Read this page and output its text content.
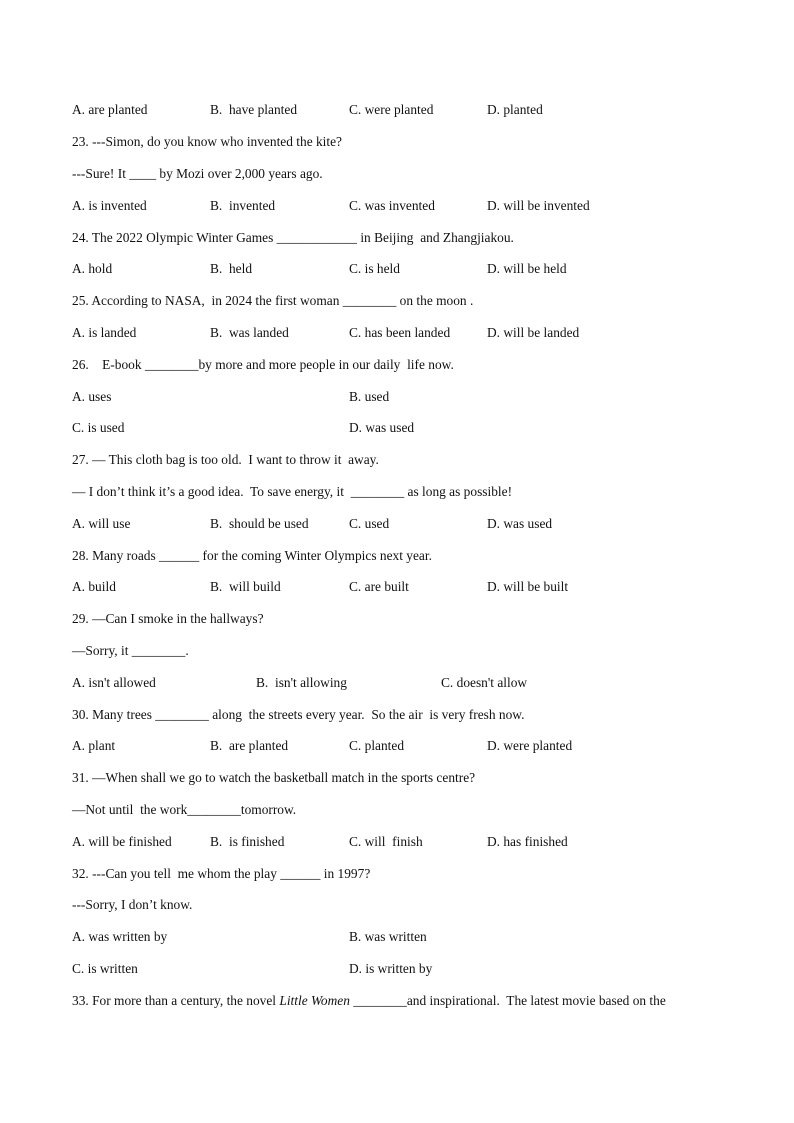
A. are planted	B.  have planted	C. were planted	D. planted
23. ---Simon, do you know who invented the kite?
---Sure! It ____ by Mozi over 2,000 years ago.
A. is invented	B.  invented	C. was invented	D. will be invented
24. The 2022 Olympic Winter Games ____________ in Beijing  and Zhangjiakou.
A. hold	B.  held	C. is held	D. will be held
25. According to NASA,  in 2024 the first woman ________ on the moon .
A. is landed	B.  was landed	C. has been landed	D. will be landed
26.    E-book ________by more and more people in our daily  life now.
A. uses	B. used
C. is used	D. was used
27. — This cloth bag is too old.  I want to throw it  away.
— I don’t think it’s a good idea.  To save energy, it  ________ as long as possible!
A. will use	B.  should be used	C. used	D. was used
28. Many roads ______ for the coming Winter Olympics next year.
A. build	B.  will build	C. are built	D. will be built
29. —Can I smoke in the hallways?
—Sorry, it ________.
A. isn't allowed	B.  isn't allowing	C. doesn't allow
30. Many trees ________ along  the streets every year.  So the air  is very fresh now.
A. plant	B.  are planted	C. planted	D. were planted
31. —When shall we go to watch the basketball match in the sports centre?
—Not until  the work________tomorrow.
A. will be finished	B.  is finished	C. will  finish	D. has finished
32. ---Can you tell  me whom the play ______ in 1997?
---Sorry, I don’t know.
A. was written by	B. was written
C. is written	D. is written by
33. For more than a century, the novel Little Women ________and inspirational.  The latest movie based on the
